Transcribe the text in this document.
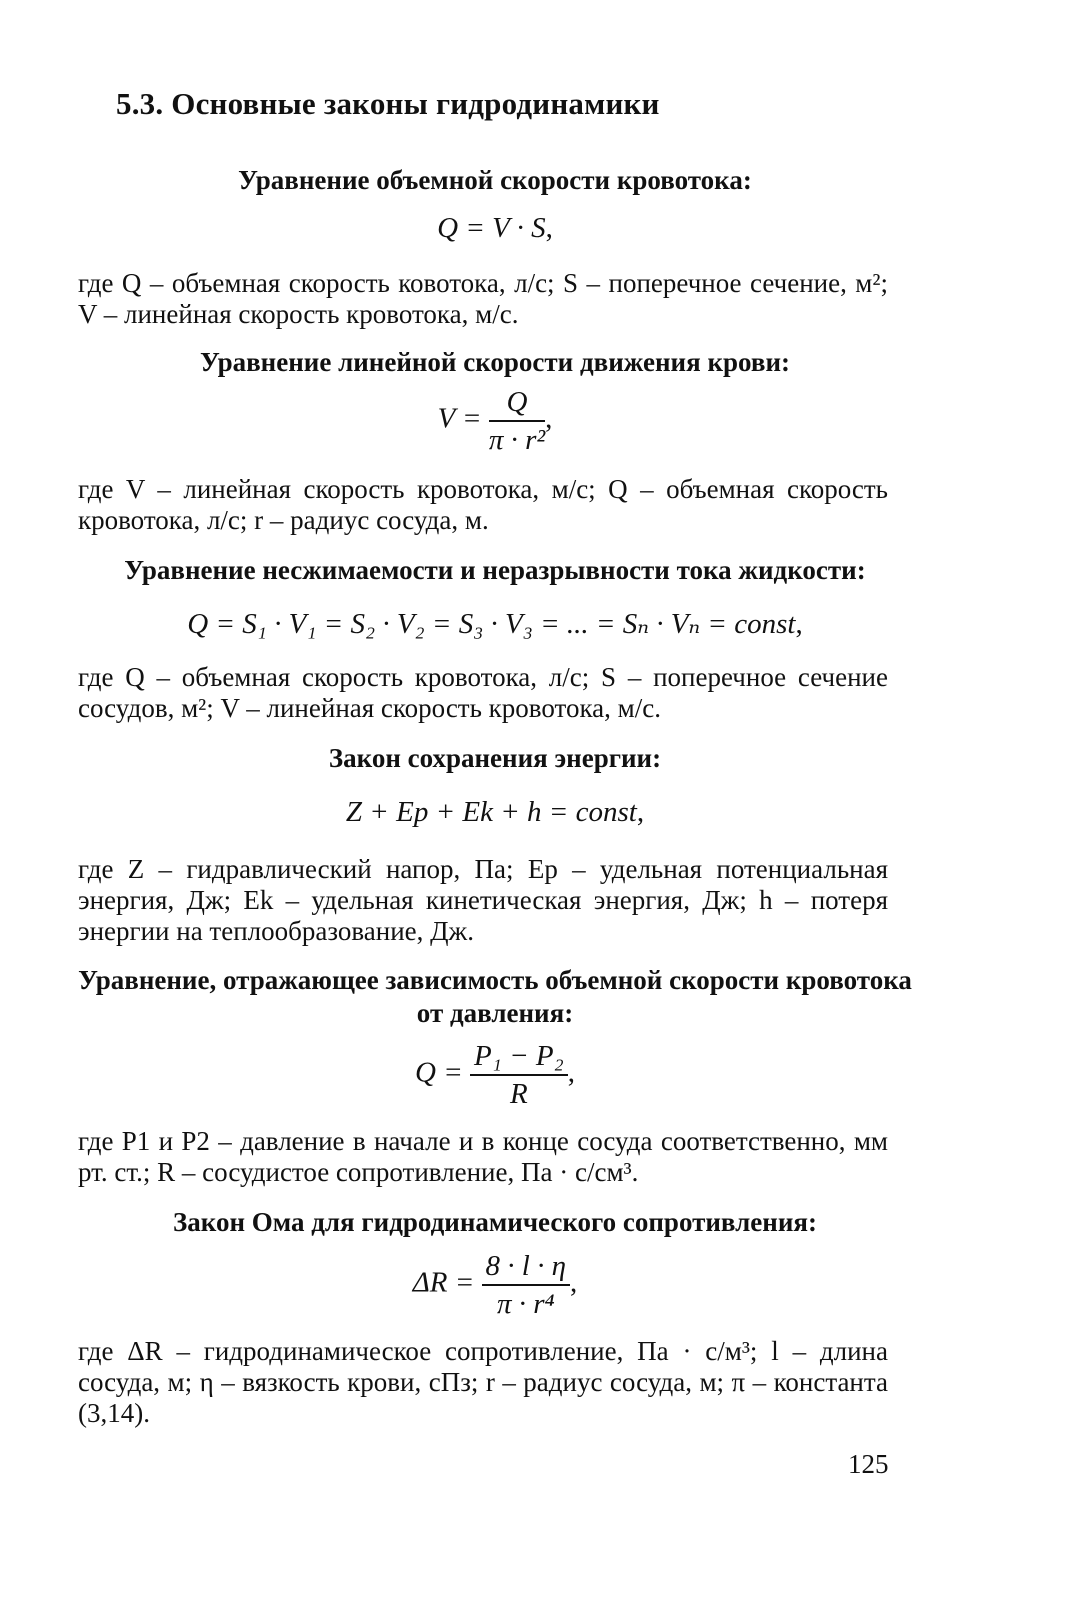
5.3. Основные законы гидродинамики
Уравнение объемной скорости кровотока:
Q = V · S,
где Q – объемная скорость ковотока, л/с; S – поперечное сечение, м²; V – линейная скорость кровотока, м/с.
Уравнение линейной скорости движения крови:
$V = \frac{Q}{\text{π · r²}}$ ,
где V – линейная скорость кровотока, м/с; Q – объемная скорость кровотока, л/с; r – радиус сосуда, м.
Уравнение несжимаемости и неразрывности тока жидкости:
Q = S₁ · V₁ = S₂ · V₂ = S₃ · V₃ = ... = Sₙ · Vₙ = const,
где Q – объемная скорость кровотока, л/с; S – поперечное сечение сосудов, м²; V – линейная скорость кровотока, м/с.
Закон сохранения энергии:
Z + Ep + Ek + h = const,
где Z – гидравлический напор, Па; Ep – удельная потенциальная энергия, Дж; Ek – удельная кинетическая энергия, Дж; h – потеря энергии на теплообразование, Дж.
Уравнение, отражающее зависимость объемной скорости кровотока от давления:
$Q = \frac{\text{P₁ − P₂}}{R}$ ,
где P1 и P2 – давление в начале и в конце сосуда соответственно, мм рт. ст.; R – сосудистое сопротивление, Па · с/см³.
Закон Ома для гидродинамического сопротивления:
$\Delta R = \frac{8 \cdot l \cdot \eta}{\text{π · r⁴}}$ ,
где ΔR – гидродинамическое сопротивление, Па · с/м³; l – длина сосуда, м; η – вязкость крови, сПз; r – радиус сосуда, м; π – константа (3,14).
125
